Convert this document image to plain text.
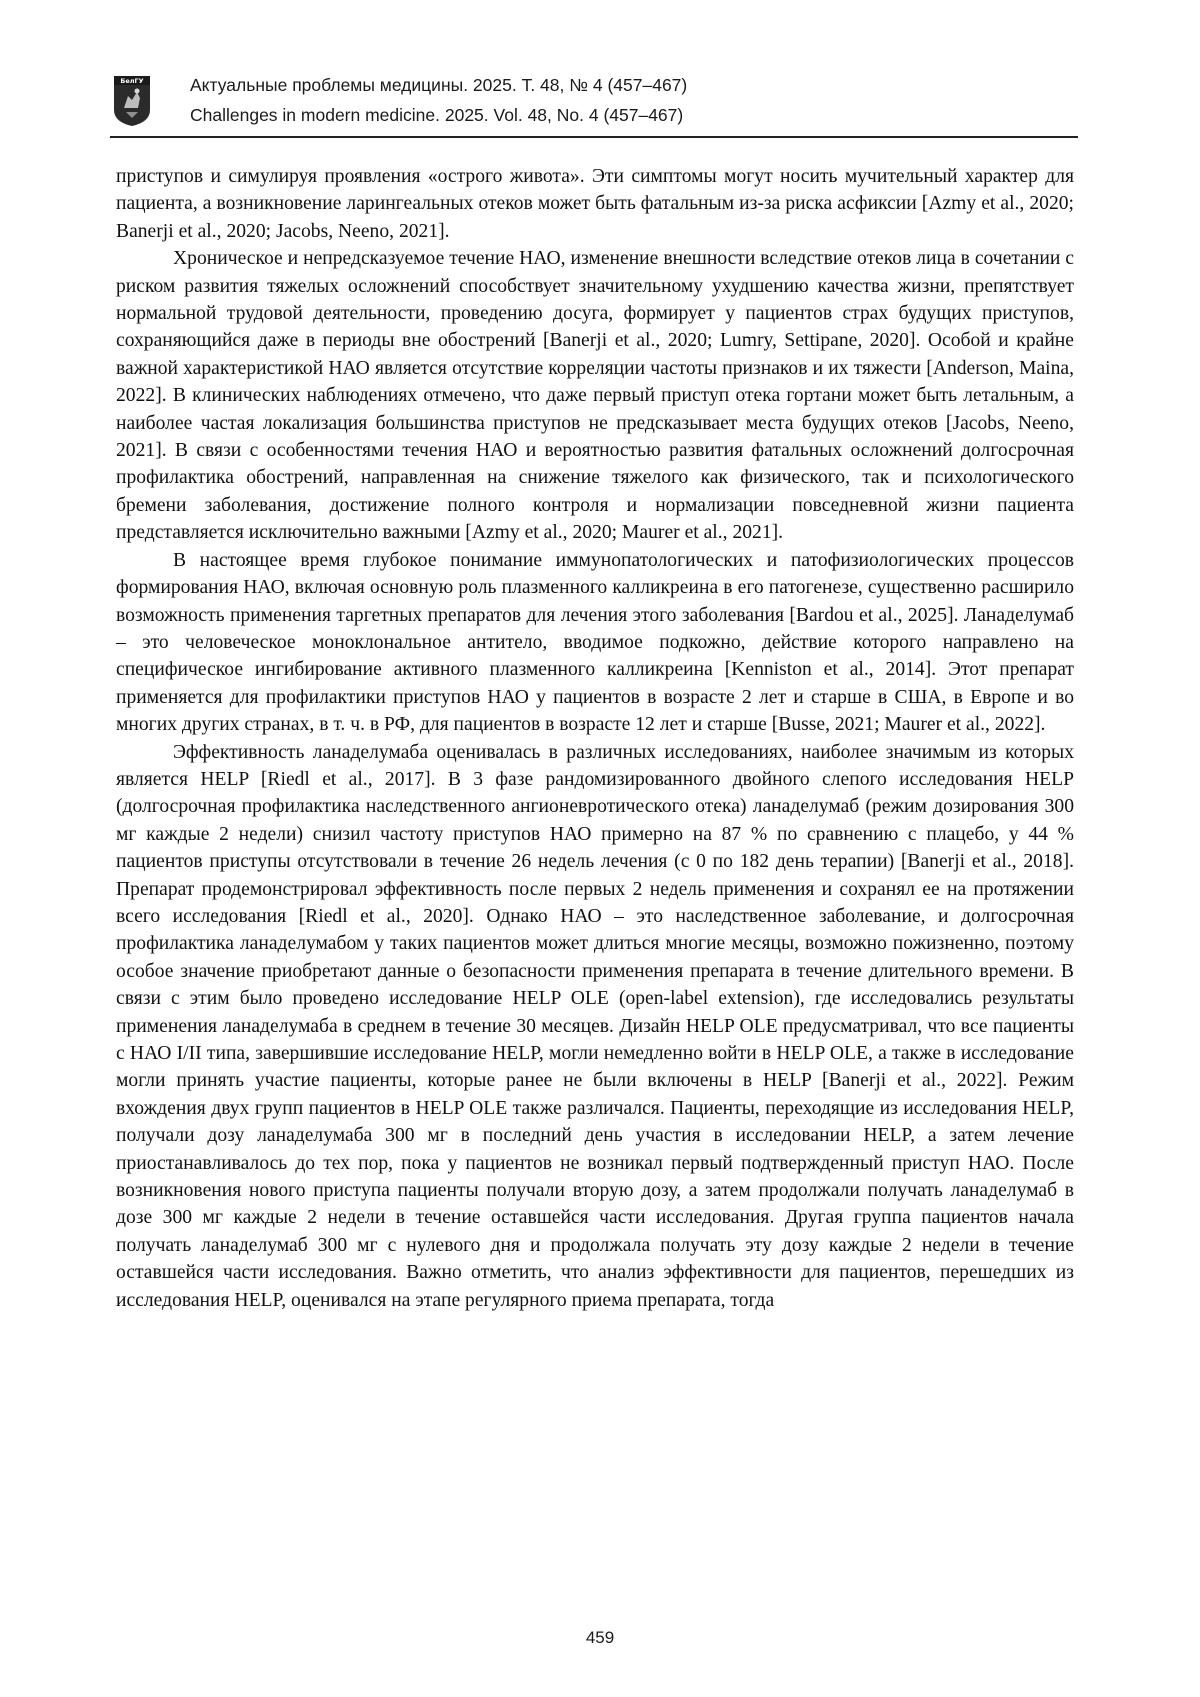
БелГУ	Актуальные проблемы медицины. 2025. Т. 48, № 4 (457–467)
Challenges in modern medicine. 2025. Vol. 48, No. 4 (457–467)

приступов и симулируя проявления «острого живота». Эти симптомы могут носить мучительный характер для пациента, а возникновение ларингеальных отеков может быть фатальным из-за риска асфиксии [Azmy et al., 2020; Banerji et al., 2020; Jacobs, Neeno, 2021].

Хроническое и непредсказуемое течение НАО, изменение внешности вследствие отеков лица в сочетании с риском развития тяжелых осложнений способствует значительному ухудшению качества жизни, препятствует нормальной трудовой деятельности, проведению досуга, формирует у пациентов страх будущих приступов, сохраняющийся даже в периоды вне обострений [Banerji et al., 2020; Lumry, Settipane, 2020]. Особой и крайне важной характеристикой НАО является отсутствие корреляции частоты признаков и их тяжести [Anderson, Maina, 2022]. В клинических наблюдениях отмечено, что даже первый приступ отека гортани может быть летальным, а наиболее частая локализация большинства приступов не предсказывает места будущих отеков [Jacobs, Neeno, 2021]. В связи с особенностями течения НАО и вероятностью развития фатальных осложнений долгосрочная профилактика обострений, направленная на снижение тяжелого как физического, так и психологического бремени заболевания, достижение полного контроля и нормализации повседневной жизни пациента представляется исключительно важными [Azmy et al., 2020; Maurer et al., 2021].

В настоящее время глубокое понимание иммунопатологических и патофизиологических процессов формирования НАО, включая основную роль плазменного калликреина в его патогенезе, существенно расширило возможность применения таргетных препаратов для лечения этого заболевания [Bardou et al., 2025]. Ланаделумаб – это человеческое моноклональное антитело, вводимое подкожно, действие которого направлено на специфическое ингибирование активного плазменного калликреина [Kenniston et al., 2014]. Этот препарат применяется для профилактики приступов НАО у пациентов в возрасте 2 лет и старше в США, в Европе и во многих других странах, в т. ч. в РФ, для пациентов в возрасте 12 лет и старше [Busse, 2021; Maurer et al., 2022].

Эффективность ланаделумаба оценивалась в различных исследованиях, наиболее значимым из которых является HELP [Riedl et al., 2017]. В 3 фазе рандомизированного двойного слепого исследования HELP (долгосрочная профилактика наследственного ангионевротического отека) ланаделумаб (режим дозирования 300 мг каждые 2 недели) снизил частоту приступов НАО примерно на 87 % по сравнению с плацебо, у 44 % пациентов приступы отсутствовали в течение 26 недель лечения (с 0 по 182 день терапии) [Banerji et al., 2018]. Препарат продемонстрировал эффективность после первых 2 недель применения и сохранял ее на протяжении всего исследования [Riedl et al., 2020]. Однако НАО – это наследственное заболевание, и долгосрочная профилактика ланаделумабом у таких пациентов может длиться многие месяцы, возможно пожизненно, поэтому особое значение приобретают данные о безопасности применения препарата в течение длительного времени. В связи с этим было проведено исследование HELP OLE (open-label extension), где исследовались результаты применения ланаделумаба в среднем в течение 30 месяцев. Дизайн HELP OLE предусматривал, что все пациенты с НАО I/II типа, завершившие исследование HELP, могли немедленно войти в HELP OLE, а также в исследование могли принять участие пациенты, которые ранее не были включены в HELP [Banerji et al., 2022]. Режим вхождения двух групп пациентов в HELP OLE также различался. Пациенты, переходящие из исследования HELP, получали дозу ланаделумаба 300 мг в последний день участия в исследовании HELP, а затем лечение приостанавливалось до тех пор, пока у пациентов не возникал первый подтвержденный приступ НАО. После возникновения нового приступа пациенты получали вторую дозу, а затем продолжали получать ланаделумаб в дозе 300 мг каждые 2 недели в течение оставшейся части исследования. Другая группа пациентов начала получать ланаделумаб 300 мг с нулевого дня и продолжала получать эту дозу каждые 2 недели в течение оставшейся части исследования. Важно отметить, что анализ эффективности для пациентов, перешедших из исследования HELP, оценивался на этапе регулярного приема препарата, тогда

459
